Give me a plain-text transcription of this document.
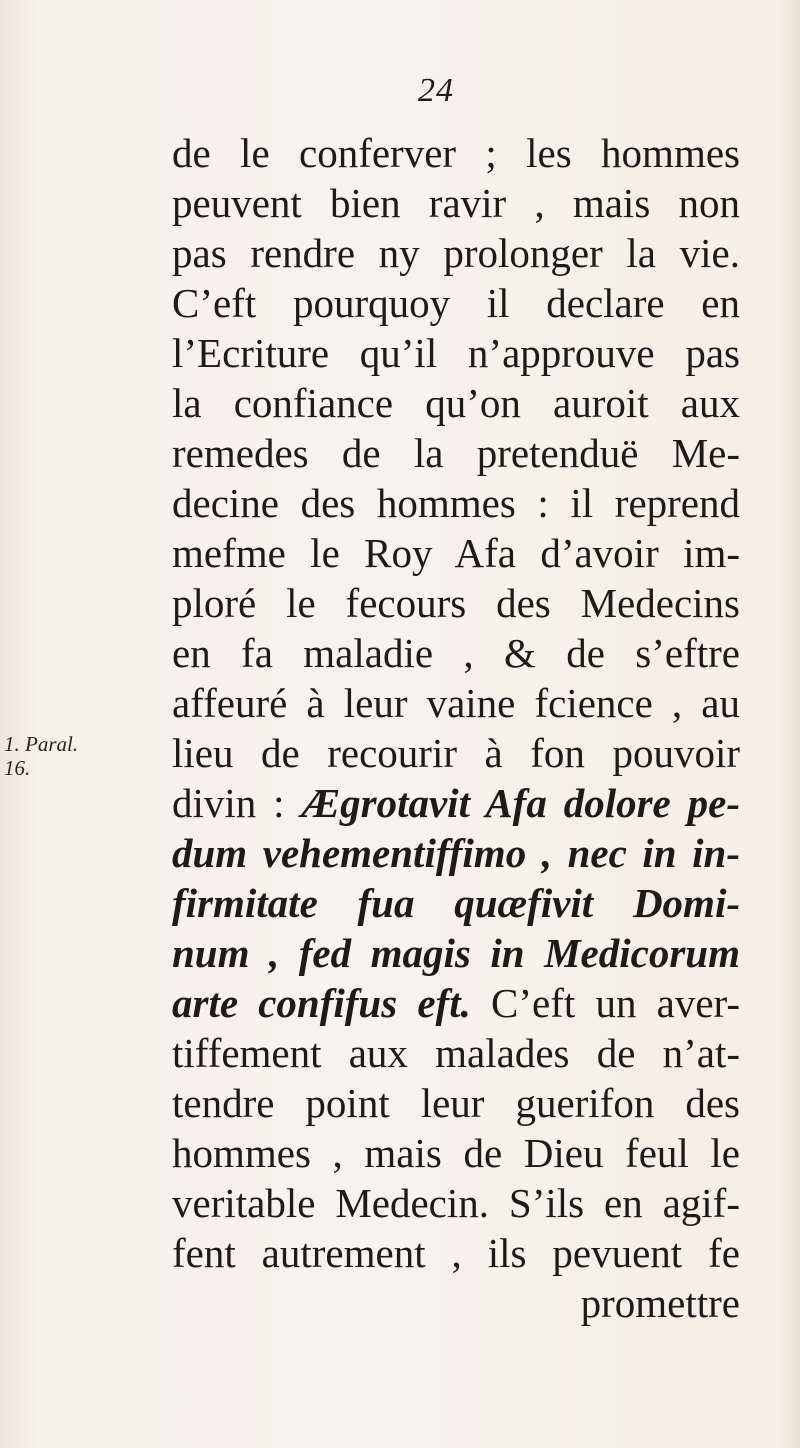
24
1. Paral.
16.
de le conferver ; les hommes
peuvent bien ravir , mais non
pas rendre ny prolonger la vie.
C’eft pourquoy il declare en
l’Ecriture qu’il n’approuve pas
la confiance qu’on auroit aux
remedes de la pretenduë Me-
decine des hommes : il reprend
mefme le Roy Afa d’avoir im-
ploré le fecours des Medecins
en fa maladie , & de s’eftre
affeuré à leur vaine fcience , au
lieu de recourir à fon pouvoir
divin : Ægrotavit Afa dolore pe-
dum vehementiffimo , nec in in-
firmitate fua quæfivit Domi-
num , fed magis in Medicorum
arte confifus eft. C’eft un aver-
tiffement aux malades de n’at-
tendre point leur guerifon des
hommes , mais de Dieu feul le
veritable Medecin. S’ils en agif-
fent autrement , ils pevuent fe
promettre
